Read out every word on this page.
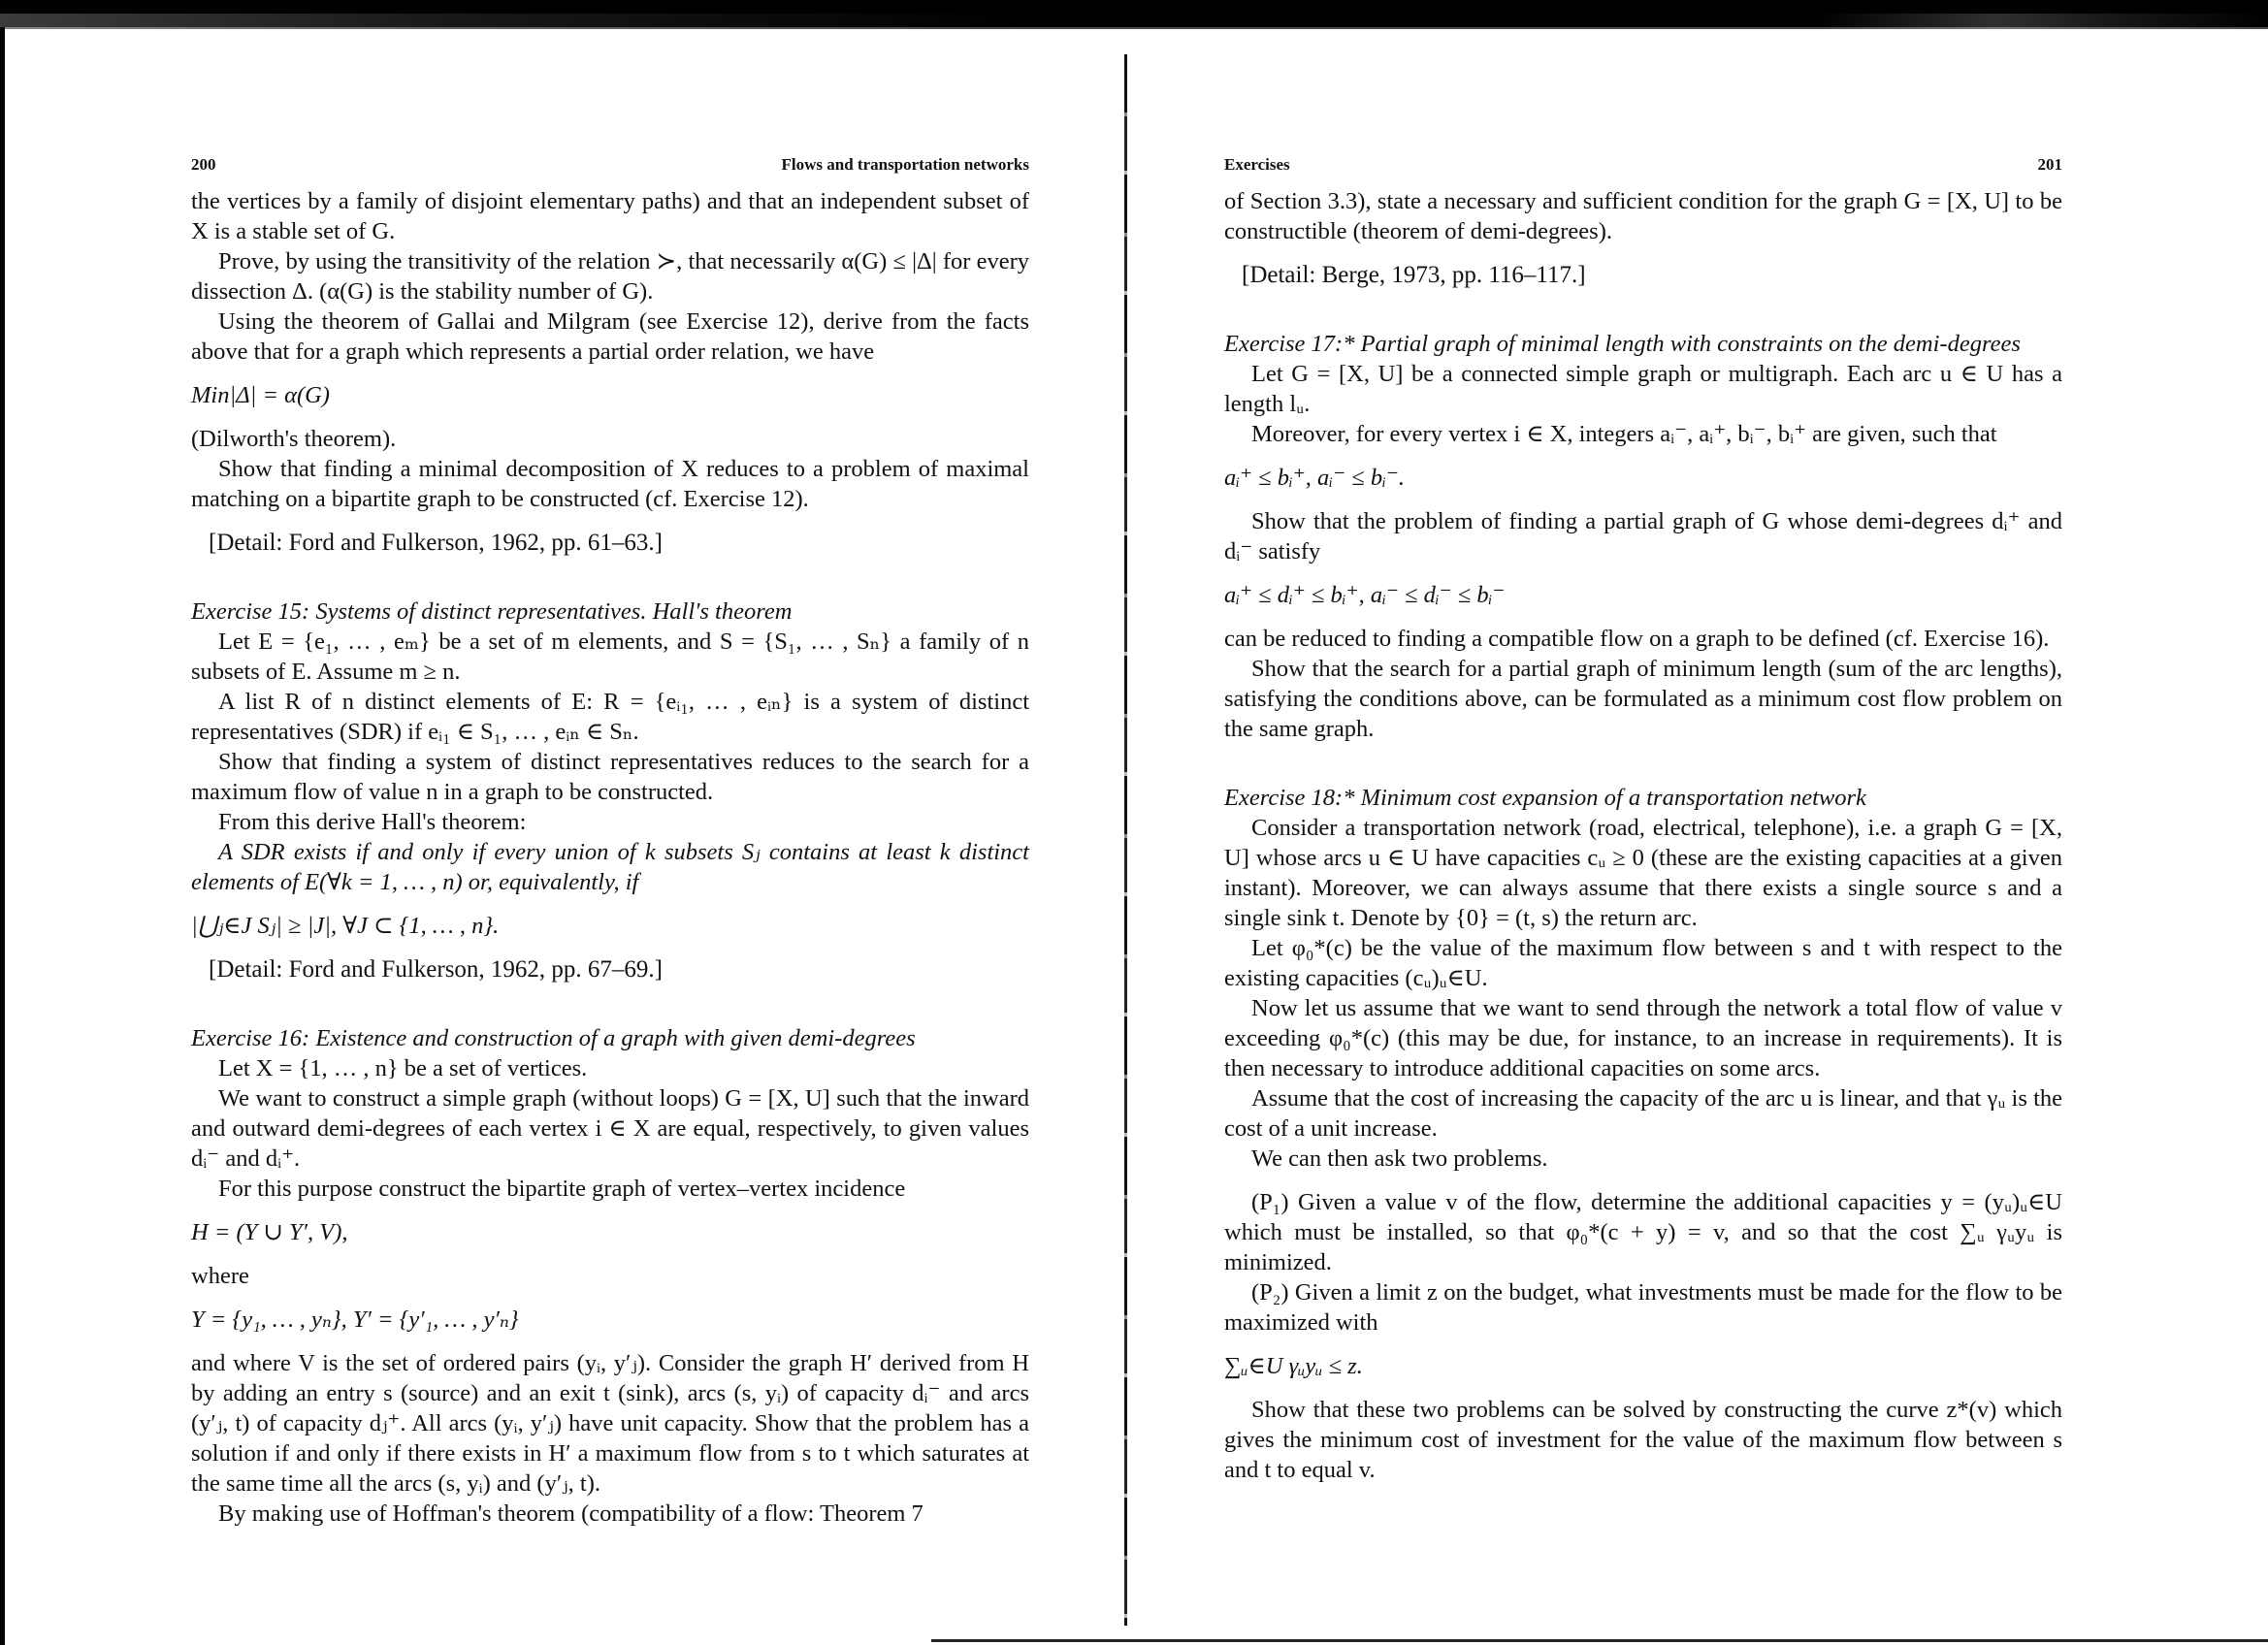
200	Flows and transportation networks

the vertices by a family of disjoint elementary paths) and that an independent subset of X is a stable set of G.

Prove, by using the transitivity of the relation ≻, that necessarily α(G) ≤ |Δ| for every dissection Δ. (α(G) is the stability number of G).

Using the theorem of Gallai and Milgram (see Exercise 12), derive from the facts above that for a graph which represents a partial order relation, we have

Min|Δ| = α(G)

(Dilworth's theorem).

Show that finding a minimal decomposition of X reduces to a problem of maximal matching on a bipartite graph to be constructed (cf. Exercise 12).

[Detail: Ford and Fulkerson, 1962, pp. 61–63.]

Exercise 15: Systems of distinct representatives. Hall's theorem

Let E = {e₁, … , eₘ} be a set of m elements, and S = {S₁, … , Sₙ} a family of n subsets of E. Assume m ≥ n.

A list R of n distinct elements of E: R = {eᵢ₁, … , eᵢₙ} is a system of distinct representatives (SDR) if eᵢ₁ ∈ S₁, … , eᵢₙ ∈ Sₙ.

Show that finding a system of distinct representatives reduces to the search for a maximum flow of value n in a graph to be constructed.

From this derive Hall's theorem:

A SDR exists if and only if every union of k subsets Sⱼ contains at least k distinct elements of E(∀k = 1, … , n) or, equivalently, if

|⋃ⱼ∈J Sⱼ| ≥ |J|, ∀J ⊂ {1, … , n}.

[Detail: Ford and Fulkerson, 1962, pp. 67–69.]

Exercise 16: Existence and construction of a graph with given demi-degrees

Let X = {1, … , n} be a set of vertices.

We want to construct a simple graph (without loops) G = [X, U] such that the inward and outward demi-degrees of each vertex i ∈ X are equal, respectively, to given values dᵢ⁻ and dᵢ⁺.

For this purpose construct the bipartite graph of vertex–vertex incidence

H = (Y ∪ Y′, V),

where

Y = {y₁, … , yₙ}, Y′ = {y′₁, … , y′ₙ}

and where V is the set of ordered pairs (yᵢ, y′ⱼ). Consider the graph H′ derived from H by adding an entry s (source) and an exit t (sink), arcs (s, yᵢ) of capacity dᵢ⁻ and arcs (y′ⱼ, t) of capacity dⱼ⁺. All arcs (yᵢ, y′ⱼ) have unit capacity. Show that the problem has a solution if and only if there exists in H′ a maximum flow from s to t which saturates at the same time all the arcs (s, yᵢ) and (y′ⱼ, t).

By making use of Hoffman's theorem (compatibility of a flow: Theorem 7

Exercises	201

of Section 3.3), state a necessary and sufficient condition for the graph G = [X, U] to be constructible (theorem of demi-degrees).

[Detail: Berge, 1973, pp. 116–117.]

Exercise 17:* Partial graph of minimal length with constraints on the demi-degrees

Let G = [X, U] be a connected simple graph or multigraph. Each arc u ∈ U has a length lᵤ.

Moreover, for every vertex i ∈ X, integers aᵢ⁻, aᵢ⁺, bᵢ⁻, bᵢ⁺ are given, such that

aᵢ⁺ ≤ bᵢ⁺, aᵢ⁻ ≤ bᵢ⁻.

Show that the problem of finding a partial graph of G whose demi-degrees dᵢ⁺ and dᵢ⁻ satisfy

aᵢ⁺ ≤ dᵢ⁺ ≤ bᵢ⁺, aᵢ⁻ ≤ dᵢ⁻ ≤ bᵢ⁻

can be reduced to finding a compatible flow on a graph to be defined (cf. Exercise 16).

Show that the search for a partial graph of minimum length (sum of the arc lengths), satisfying the conditions above, can be formulated as a minimum cost flow problem on the same graph.

Exercise 18:* Minimum cost expansion of a transportation network

Consider a transportation network (road, electrical, telephone), i.e. a graph G = [X, U] whose arcs u ∈ U have capacities cᵤ ≥ 0 (these are the existing capacities at a given instant). Moreover, we can always assume that there exists a single source s and a single sink t. Denote by {0} = (t, s) the return arc.

Let φ₀*(c) be the value of the maximum flow between s and t with respect to the existing capacities (cᵤ)ᵤ∈U.

Now let us assume that we want to send through the network a total flow of value v exceeding φ₀*(c) (this may be due, for instance, to an increase in requirements). It is then necessary to introduce additional capacities on some arcs.

Assume that the cost of increasing the capacity of the arc u is linear, and that γᵤ is the cost of a unit increase.

We can then ask two problems.

(P₁) Given a value v of the flow, determine the additional capacities y = (yᵤ)ᵤ∈U which must be installed, so that φ₀*(c + y) = v, and so that the cost ∑ᵤ γᵤyᵤ is minimized.

(P₂) Given a limit z on the budget, what investments must be made for the flow to be maximized with

∑ᵤ∈U γᵤyᵤ ≤ z.

Show that these two problems can be solved by constructing the curve z*(v) which gives the minimum cost of investment for the value of the maximum flow between s and t to equal v.
